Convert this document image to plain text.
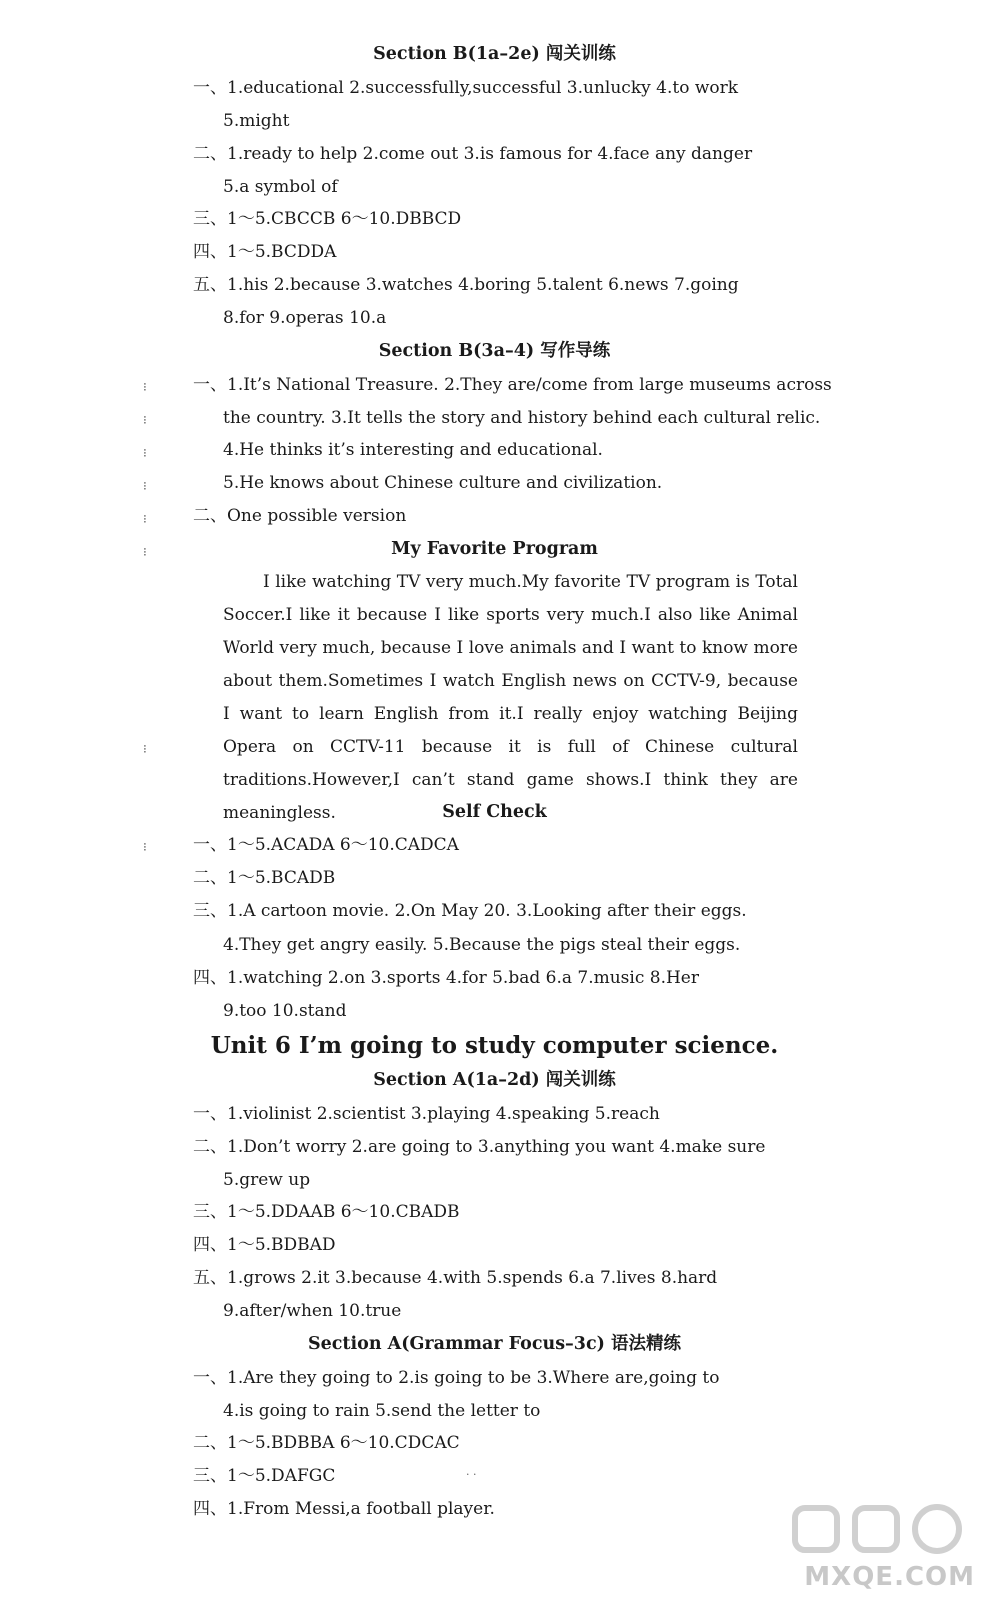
Section B(1a–2e) 闯关训练
一、1.educational 2.successfully,successful 3.unlucky 4.to work
5.might
二、1.ready to help 2.come out 3.is famous for 4.face any danger
5.a symbol of
三、1～5.CBCCB 6～10.DBBCD
四、1～5.BCDDA
五、1.his 2.because 3.watches 4.boring 5.talent 6.news 7.going
8.for 9.operas 10.a
Section B(3a–4) 写作导练
一、1.It’s National Treasure. 2.They are/come from large museums across
the country. 3.It tells the story and history behind each cultural relic.
4.He thinks it’s interesting and educational.
5.He knows about Chinese culture and civilization.
二、One possible version
My Favorite Program
I like watching TV very much.My favorite TV program is Total Soccer.I like it because I like sports very much.I also like Animal World very much, because I love animals and I want to know more about them.Sometimes I watch English news on CCTV-9, because I want to learn English from it.I really enjoy watching Beijing Opera on CCTV-11 because it is full of Chinese cultural traditions.However,I can’t stand game shows.I think they are meaningless.
⁝
⁝
⁝
⁝
⁝
⁝
⁝
⁝
Self Check
一、1～5.ACADA 6～10.CADCA
二、1～5.BCADB
三、1.A cartoon movie. 2.On May 20. 3.Looking after their eggs.
4.They get angry easily. 5.Because the pigs steal their eggs.
四、1.watching 2.on 3.sports 4.for 5.bad 6.a 7.music 8.Her
9.too 10.stand
Unit 6 I’m going to study computer science.
Section A(1a–2d) 闯关训练
一、1.violinist 2.scientist 3.playing 4.speaking 5.reach
二、1.Don’t worry 2.are going to 3.anything you want 4.make sure
5.grew up
三、1～5.DDAAB 6～10.CBADB
四、1～5.BDBAD
五、1.grows 2.it 3.because 4.with 5.spends 6.a 7.lives 8.hard
9.after/when 10.true
Section A(Grammar Focus–3c) 语法精练
一、1.Are they going to 2.is going to be 3.Where are,going to
4.is going to rain 5.send the letter to
二、1～5.BDBBA 6～10.CDCAC
三、1～5.DAFGC
四、1.From Messi,a football player.
· ·
MXQE.COM
